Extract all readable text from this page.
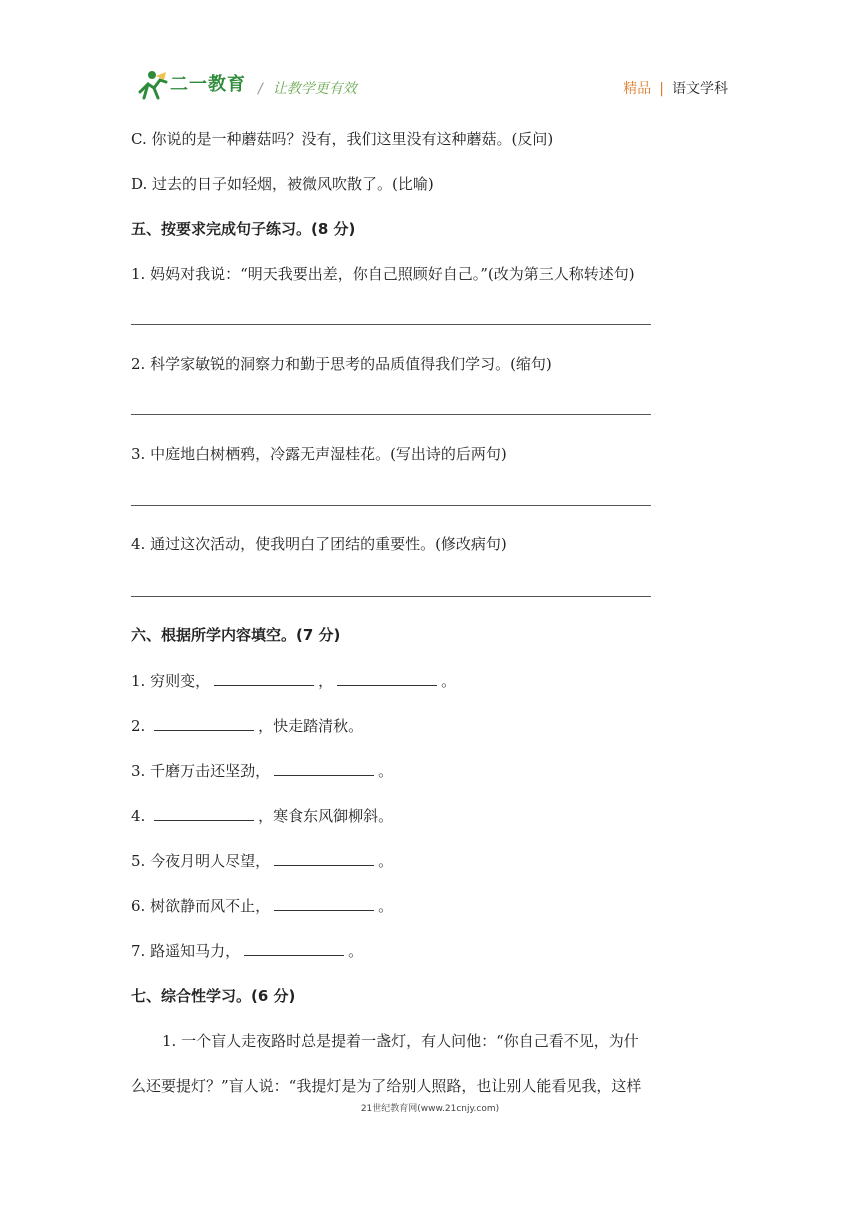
二一教育 / 让教学更有效	精品 | 语文学科
C. 你说的是一种蘑菇吗？没有，我们这里没有这种蘑菇。(反问)
D. 过去的日子如轻烟，被微风吹散了。(比喻)
五、按要求完成句子练习。(8 分)
1. 妈妈对我说：“明天我要出差，你自己照顾好自己。”(改为第三人称转述句)
2. 科学家敏锐的洞察力和勤于思考的品质值得我们学习。(缩句)
3. 中庭地白树栖鸦，冷露无声湿桂花。(写出诗的后两句)
4. 通过这次活动，使我明白了团结的重要性。(修改病句)
六、根据所学内容填空。(7 分)
1. 穷则变，	，	。
2.	，快走踏清秋。
3. 千磨万击还坚劲，	。
4.	，寒食东风御柳斜。
5. 今夜月明人尽望，	。
6. 树欲静而风不止，	。
7. 路遥知马力，	。
七、综合性学习。(6 分)
1. 一个盲人走夜路时总是提着一盏灯，有人问他：“你自己看不见，为什
么还要提灯？”盲人说：“我提灯是为了给别人照路，也让别人能看见我，这样
21世纪教育网(www.21cnjy.com)
